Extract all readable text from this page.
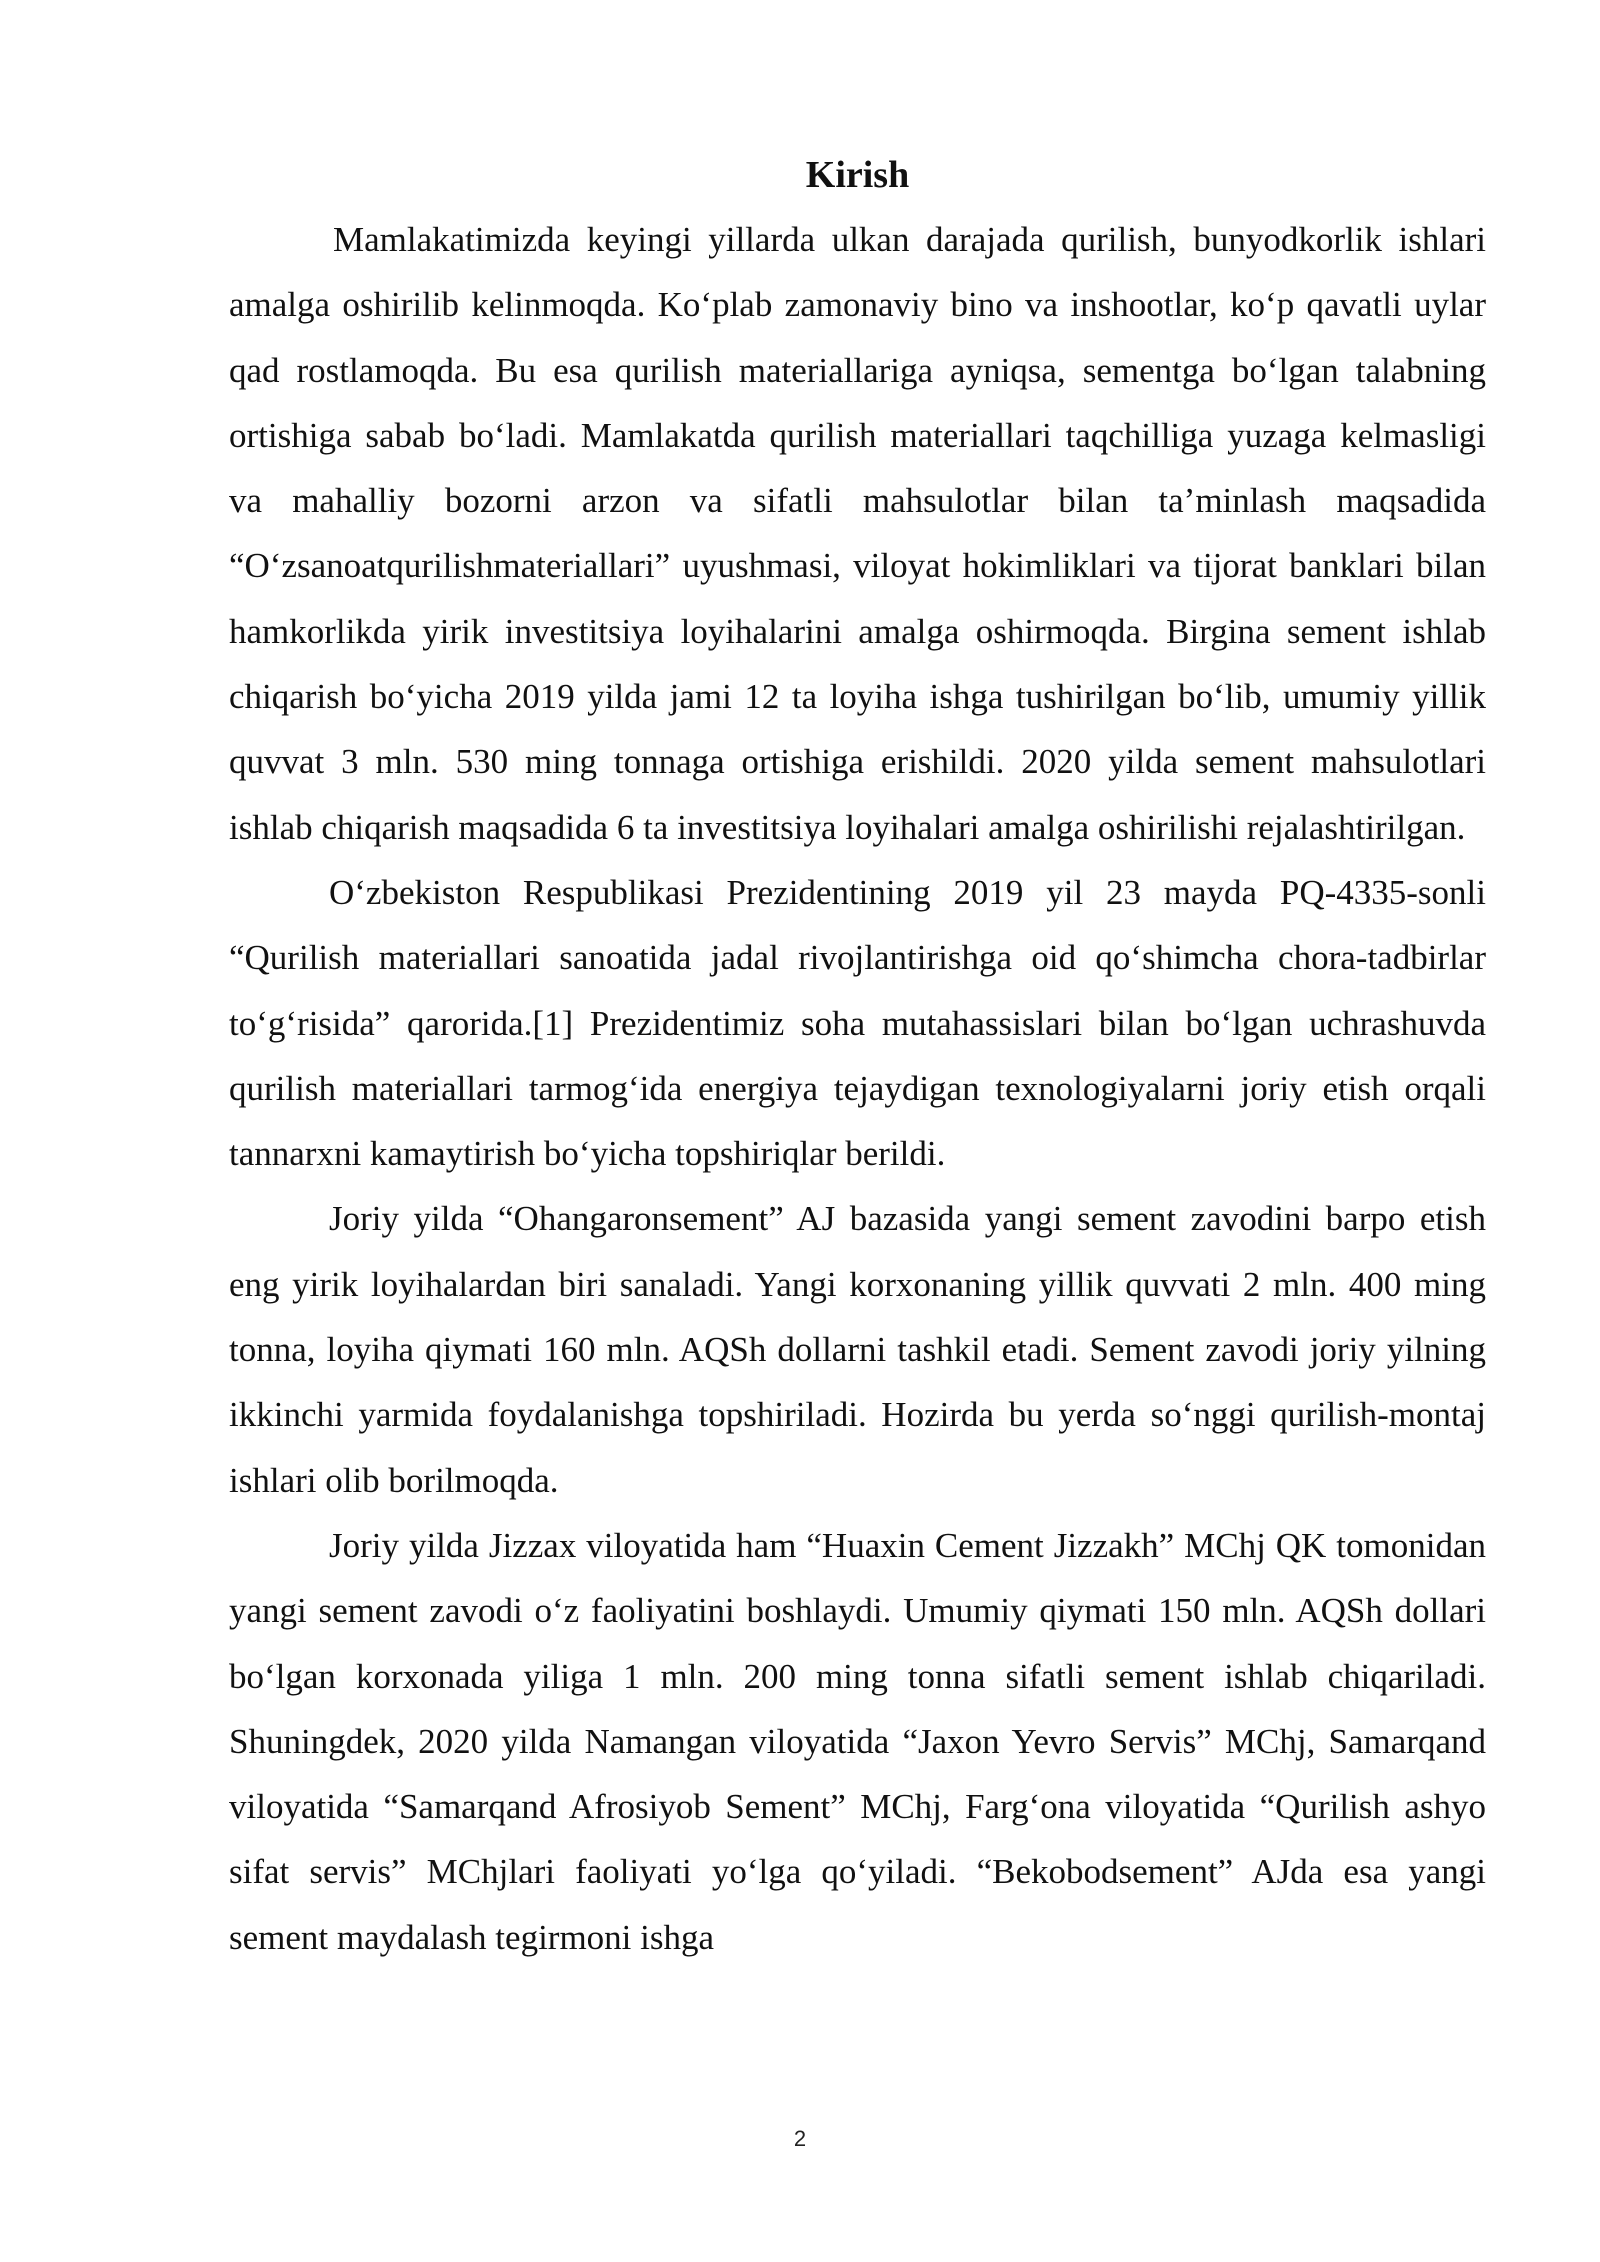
Kirish

Mamlakatimizda keyingi yillarda ulkan darajada qurilish, bunyodkorlik ishlari amalga oshirilib kelinmoqda. Ko‘plab zamonaviy bino va inshootlar, ko‘p qavatli uylar qad rostlamoqda. Bu esa qurilish materiallariga ayniqsa, sementga bo‘lgan talabning ortishiga sabab bo‘ladi. Mamlakatda qurilish materiallari taqchilliga yuzaga kelmasligi va mahalliy bozorni arzon va sifatli mahsulotlar bilan ta’minlash maqsadida “O‘zsanoatqurilishmateriallari” uyushmasi, viloyat hokimliklari va tijorat banklari bilan hamkorlikda yirik investitsiya loyihalarini amalga oshirmoqda. Birgina sement ishlab chiqarish bo‘yicha 2019 yilda jami 12 ta loyiha ishga tushirilgan bo‘lib, umumiy yillik quvvat 3 mln. 530 ming tonnaga ortishiga erishildi. 2020 yilda sement mahsulotlari ishlab chiqarish maqsadida 6 ta investitsiya loyihalari amalga oshirilishi rejalashtirilgan.

O‘zbekiston Respublikasi Prezidentining 2019 yil 23 mayda PQ-4335-sonli “Qurilish materiallari sanoatida jadal rivojlantirishga oid qo‘shimcha chora-tadbirlar to‘g‘risida” qarorida.[1] Prezidentimiz soha mutahassislari bilan bo‘lgan uchrashuvda qurilish materiallari tarmog‘ida energiya tejaydigan texnologiyalarni joriy etish orqali tannarxni kamaytirish bo‘yicha topshiriqlar berildi.

Joriy yilda “Ohangaronsement” AJ bazasida yangi sement zavodini barpo etish eng yirik loyihalardan biri sanaladi. Yangi korxonaning yillik quvvati 2 mln. 400 ming tonna, loyiha qiymati 160 mln. AQSh dollarni tashkil etadi. Sement zavodi joriy yilning ikkinchi yarmida foydalanishga topshiriladi. Hozirda bu yerda so‘nggi qurilish-montaj ishlari olib borilmoqda.

Joriy yilda Jizzax viloyatida ham “Huaxin Cement Jizzakh” MChj QK tomonidan yangi sement zavodi o‘z faoliyatini boshlaydi. Umumiy qiymati 150 mln. AQSh dollari bo‘lgan korxonada yiliga 1 mln. 200 ming tonna sifatli sement ishlab chiqariladi. Shuningdek, 2020 yilda Namangan viloyatida “Jaxon Yevro Servis” MChj, Samarqand viloyatida “Samarqand Afrosiyob Sement” MChj, Farg‘ona viloyatida “Qurilish ashyo sifat servis” MChjlari faoliyati yo‘lga qo‘yiladi. “Bekobodsement” AJda esa yangi sement maydalash tegirmoni ishga

2
